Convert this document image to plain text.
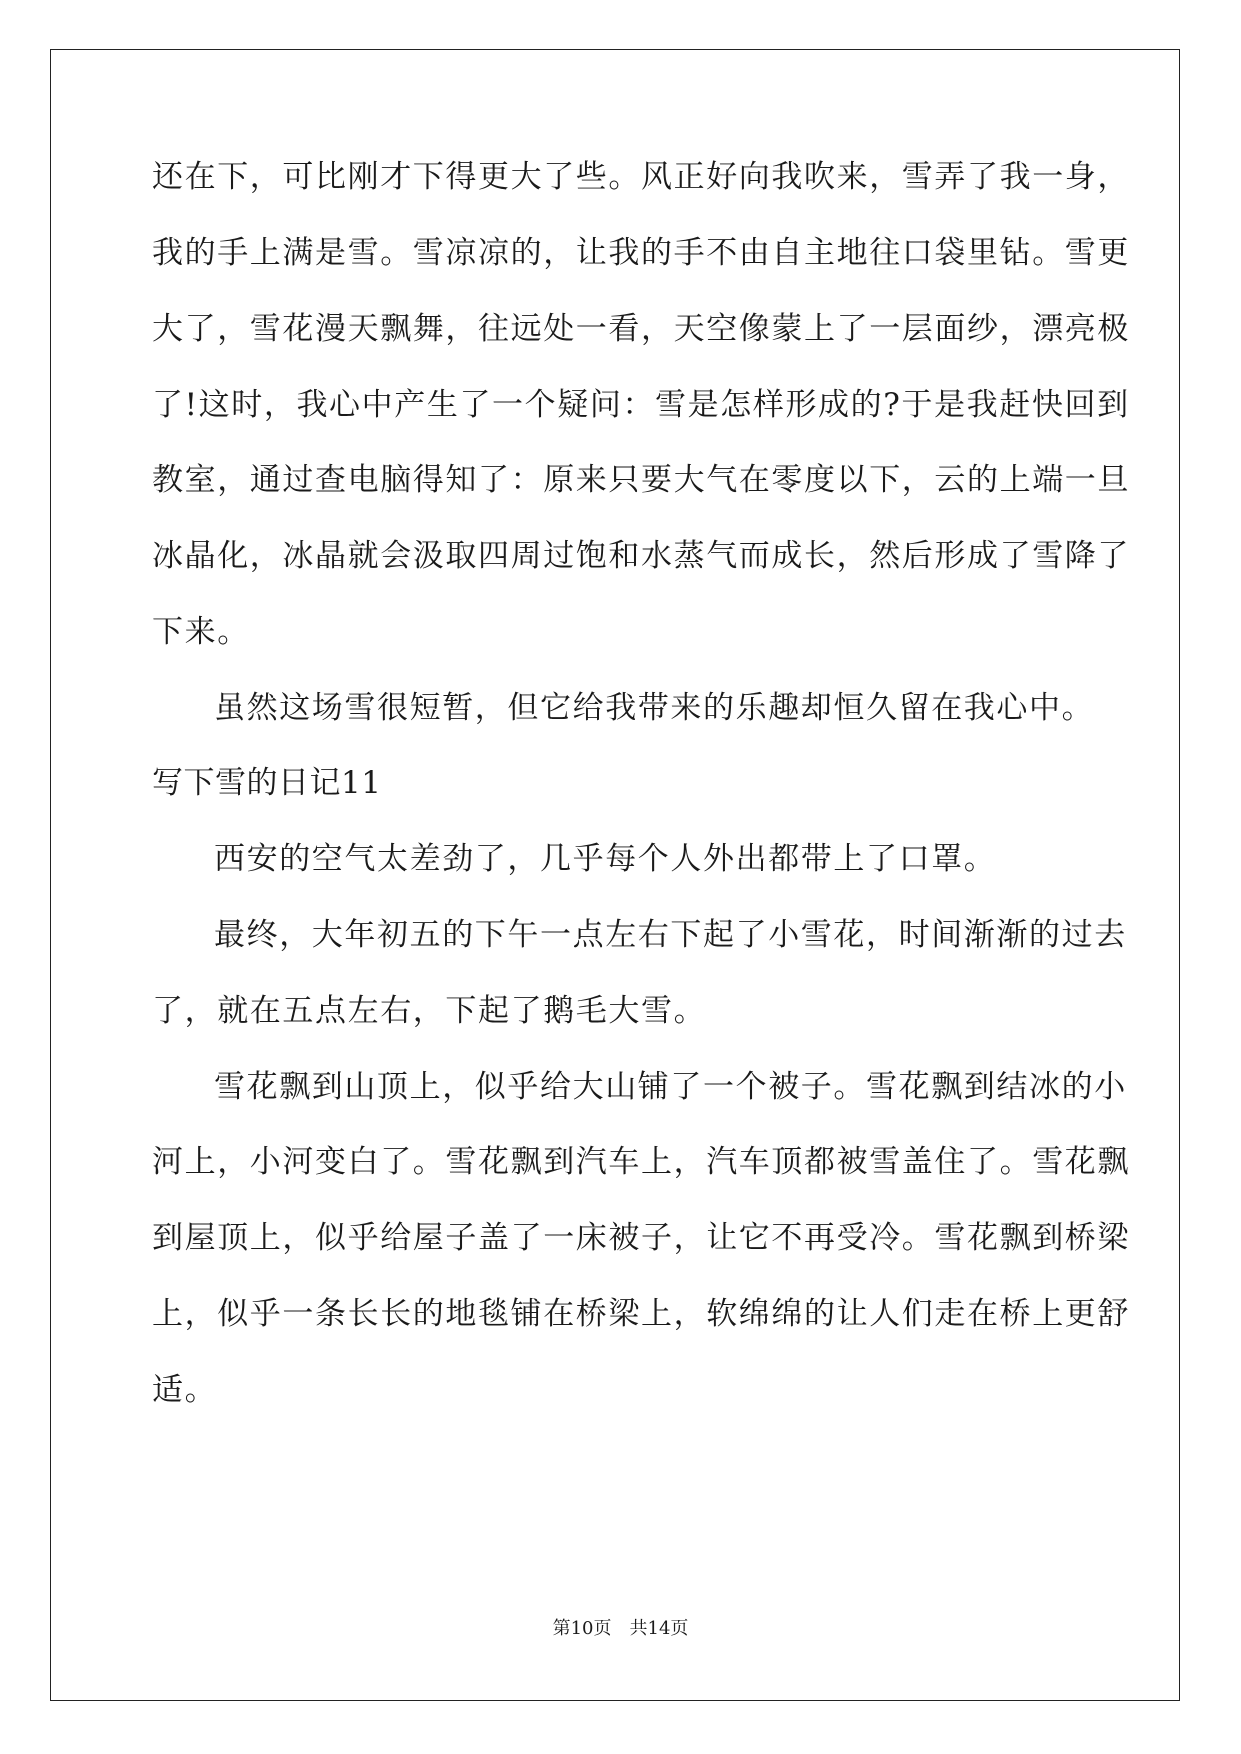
还在下，可比刚才下得更大了些。风正好向我吹来，雪弄了我一身，
我的手上满是雪。雪凉凉的，让我的手不由自主地往口袋里钻。雪更
大了，雪花漫天飘舞，往远处一看，天空像蒙上了一层面纱，漂亮极
了!这时，我心中产生了一个疑问：雪是怎样形成的?于是我赶快回到
教室，通过查电脑得知了：原来只要大气在零度以下，云的上端一旦
冰晶化，冰晶就会汲取四周过饱和水蒸气而成长，然后形成了雪降了
下来。
虽然这场雪很短暂，但它给我带来的乐趣却恒久留在我心中。
写下雪的日记11
西安的空气太差劲了，几乎每个人外出都带上了口罩。
最终，大年初五的下午一点左右下起了小雪花，时间渐渐的过去
了，就在五点左右，下起了鹅毛大雪。
雪花飘到山顶上，似乎给大山铺了一个被子。雪花飘到结冰的小
河上，小河变白了。雪花飘到汽车上，汽车顶都被雪盖住了。雪花飘
到屋顶上，似乎给屋子盖了一床被子，让它不再受冷。雪花飘到桥梁
上，似乎一条长长的地毯铺在桥梁上，软绵绵的让人们走在桥上更舒
适。
第10页 共14页
